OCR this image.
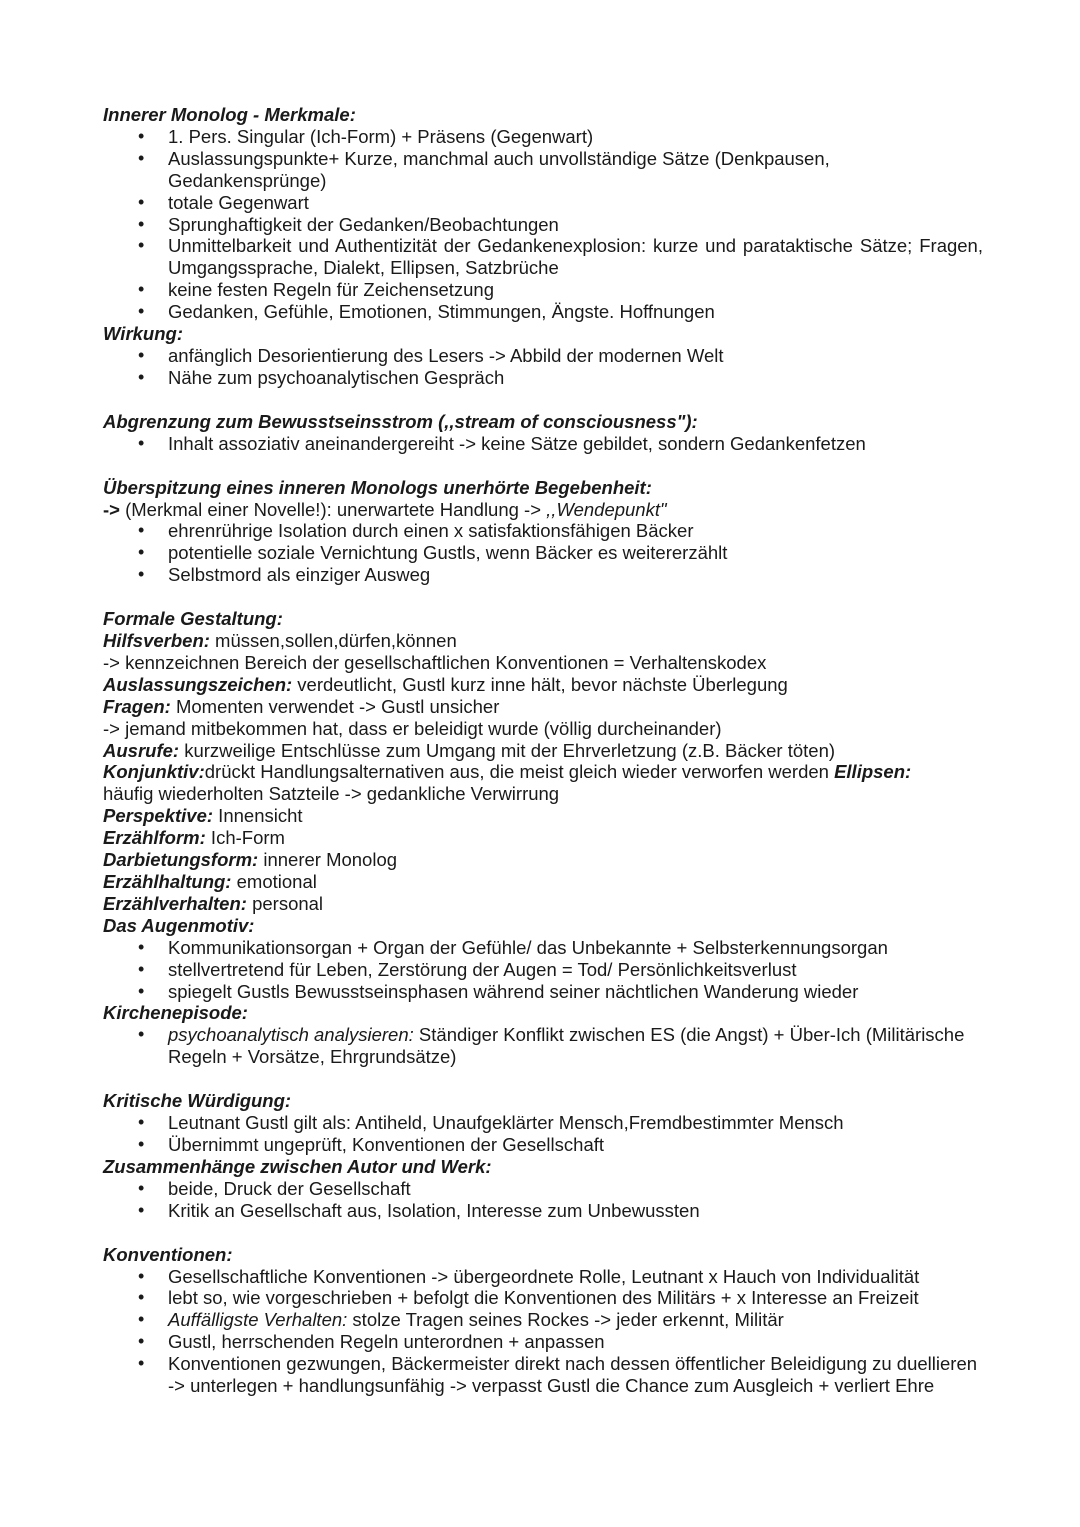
Innerer Monolog - Merkmale:
• 1. Pers. Singular (Ich-Form) + Präsens (Gegenwart)
• Auslassungspunkte+ Kurze, manchmal auch unvollständige Sätze (Denkpausen, Gedankensprünge)
• totale Gegenwart
• Sprunghaftigkeit der Gedanken/Beobachtungen
• Unmittelbarkeit und Authentizität der Gedankenexplosion: kurze und parataktische Sätze; Fragen, Umgangssprache, Dialekt, Ellipsen, Satzbrüche
• keine festen Regeln für Zeichensetzung
• Gedanken, Gefühle, Emotionen, Stimmungen, Ängste. Hoffnungen
Wirkung:
• anfänglich Desorientierung des Lesers -> Abbild der modernen Welt
• Nähe zum psychoanalytischen Gespräch
Abgrenzung zum Bewusstseinsstrom (,,stream of consciousness"):
• Inhalt assoziativ aneinandergereiht -> keine Sätze gebildet, sondern Gedankenfetzen
Überspitzung eines inneren Monologs unerhörte Begebenheit:

-> (Merkmal einer Novelle!): unerwartete Handlung -> ,,Wendepunkt"

• ehrenrührige Isolation durch einen x satisfaktionsfähigen Bäcker
• potentielle soziale Vernichtung Gustls, wenn Bäcker es weitererzählt
• Selbstmord als einziger Ausweg
Formale Gestaltung:

Hilfsverben: müssen,sollen,dürfen,können

-> kennzeichnen Bereich der gesellschaftlichen Konventionen = Verhaltenskodex

Auslassungszeichen: verdeutlicht, Gustl kurz inne hält, bevor nächste Überlegung

Fragen: Momenten verwendet -> Gustl unsicher

-> jemand mitbekommen hat, dass er beleidigt wurde (völlig durcheinander)

Ausrufe: kurzweilige Entschlüsse zum Umgang mit der Ehrverletzung (z.B. Bäcker töten)

Konjunktiv:drückt Handlungsalternativen aus, die meist gleich wieder verworfen werden Ellipsen:

häufig wiederholten Satzteile -> gedankliche Verwirrung

Perspektive: Innensicht

Erzählform: Ich-Form

Darbietungsform: innerer Monolog

Erzählhaltung: emotional

Erzählverhalten: personal

Das Augenmotiv:
• Kommunikationsorgan + Organ der Gefühle/ das Unbekannte + Selbsterkennungsorgan
• stellvertretend für Leben, Zerstörung der Augen = Tod/ Persönlichkeitsverlust
• spiegelt Gustls Bewusstseinsphasen während seiner nächtlichen Wanderung wieder
Kirchenepisode:
• psychoanalytisch analysieren: Ständiger Konflikt zwischen ES (die Angst) + Über-Ich (Militärische Regeln + Vorsätze, Ehrgrundsätze)
Kritische Würdigung:
• Leutnant Gustl gilt als: Antiheld, Unaufgeklärter Mensch,Fremdbestimmter Mensch
• Übernimmt ungeprüft, Konventionen der Gesellschaft
Zusammenhänge zwischen Autor und Werk:
• beide, Druck der Gesellschaft
• Kritik an Gesellschaft aus, Isolation, Interesse zum Unbewussten
Konventionen:
• Gesellschaftliche Konventionen -> übergeordnete Rolle, Leutnant x Hauch von Individualität
• lebt so, wie vorgeschrieben + befolgt die Konventionen des Militärs + x Interesse an Freizeit
• Auffälligste Verhalten: stolze Tragen seines Rockes -> jeder erkennt, Militär
• Gustl, herrschenden Regeln unterordnen + anpassen
• Konventionen gezwungen, Bäckermeister direkt nach dessen öffentlicher Beleidigung zu duellieren

-> unterlegen + handlungsunfähig -> verpasst Gustl die Chance zum Ausgleich + verliert Ehre
